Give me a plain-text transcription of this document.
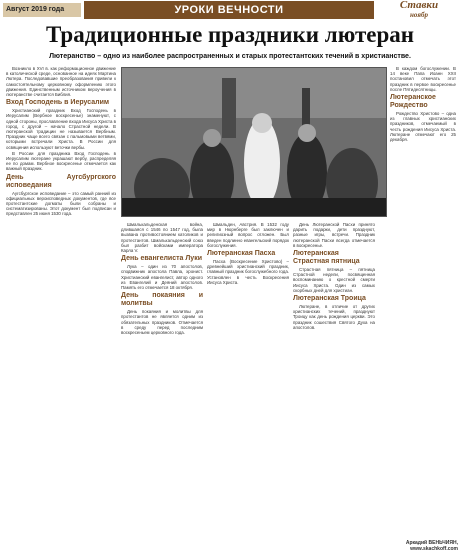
Август 2019 года	УРОКИ ВЕЧНОСТИ	Ставки
ноябр
Традиционные праздники лютеран
Лютеранство – одно из наиболее распространенных и старых протестантских течений в христианстве.

Возникло в XVI в. как реформационное движение в католической среде, основанное на идеях Мартина Лютера. Последовавшие преобразования привели к самостоятельному церковному оформлению этого движения. Единственным источником вероучения в лютеранстве считается Библия.

Вход Господень в Иерусалим

Христианский праздник Вход Господень в Иерусалим (Вербное воскресенье) знаменуют, с одной стороны, прославление входа Иисуса Христа в город, с другой – начало Страстной недели. В лютеранской традиции не называется Вербным. Праздник чаще всего связан с пальмовыми ветвями, которыми встречали Христа. В России для освящения используют веточки вербы.

В России для праздника Вход Господень в Иерусалим лютеране украшают вербу, распределяя ее по домам. Вербное воскресенье отмечается как важный праздник.

День Аугсбургского исповедания

Аугсбургское исповедание – это самый ранний из официальных вероисповедных документов, где все протестантские догматы были собраны и систематизированы. Этот документ был подписан и представлен 25 июня 1530 года.

Шмалькальденская война, длившаяся с 1546 по 1547 год, была вызвана противостоянием католиков и протестантов. Шмалькальденский союз был разбит войсками императора Карла V.

День евангелиста Луки

Лука – один из 70 апостолов, сподвижник апостола Павла, хронист. Христианский евангелист, автор одного из Евангелий и Деяний апостолов. Память его отмечается 18 октября.

День покаяния и молитвы

День покаяния и молитвы для протестантов не является одним из обязательных праздников. Отмечается в среду перед последним воскресеньем церковного года.

Шмальден, Австрия. В 1532 году мир в Нюрнберге был заключен и религиозный вопрос отложен. Был введен подлинно евангельский порядок богослужения.

Лютеранская Пасха

Пасха (Воскресение Христово) – древнейший христианский праздник, главный праздник богослужебного года. Установлен в честь Воскресения Иисуса Христа.

День Лютеранской Пасхи принято дарить подарки, дети празднуют, разные игры, встречи. Праздник лютеранской Пасхи всегда отмечается в воскресенье.

Лютеранская Страстная пятница

Страстная пятница – пятница Страстной недели, посвященная воспоминанию о крестной смерти Иисуса Христа. Один из самых скорбных дней для христиан.

Лютеранская Троица

Лютеране, в отличие от других христианских течений, празднуют Троицу как день рождения церкви. Это праздник сошествия Святого Духа на апостолов.

В каждом богослужении. В 14 веке Папа Иоанн XXII постановил отмечать этот праздник в первое воскресенье после Пятидесятницы.

Лютеранское Рождество

Рождество Христово – одна из главных христианских праздников, отмечаемый в честь рождения Иисуса Христа. Лютеране отмечают его 25 декабря.

Аркадий ВЕНЬЧИЯН, www.skachkoff.com
